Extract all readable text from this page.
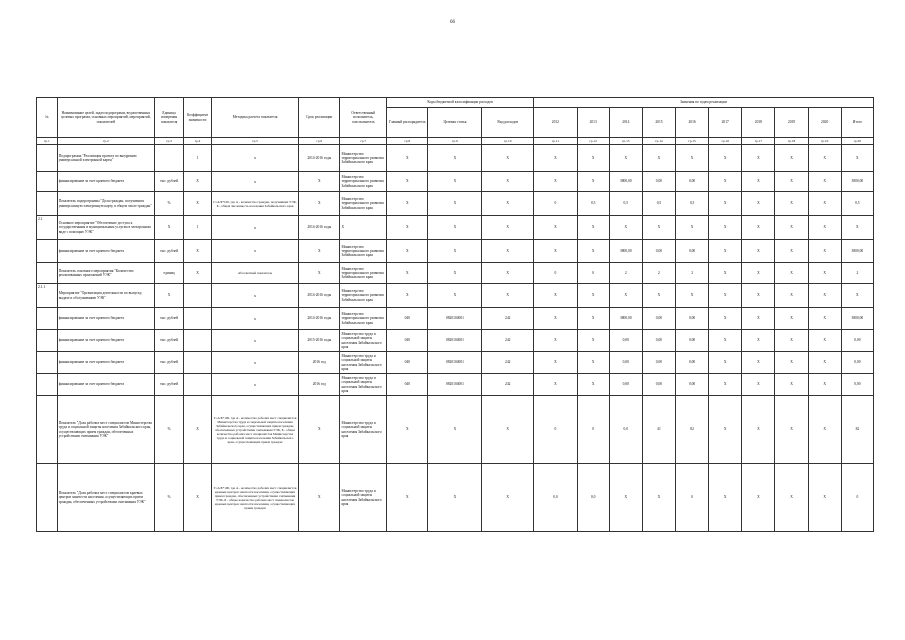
66
№	Наименование целей, задач подпрограмм, ведомственных целевых программ, основных мероприятий, мероприятий, показателей	Единица измерения показателя	Коэффициент значимости	Методика расчета показателя	Срок реализации	Ответственный исполнитель, соисполнитель	Коды бюджетной классификации расходов			Значения по годам реализации									
							Главный распорядитель	Целевая статья	Вид расходов	2012	2013	2014	2015	2016	2017	2018	2019	2020	Итого
гр.1	гр.2	гр.3	гр.4	гр.5	гр.6	гр.7	гр.8	гр.9	гр.10	гр.11	гр.12	гр.13	гр.14	гр.15	гр.16	гр.17	гр.18	гр.19	гр.20
	Подпрограмма "Реализация проекта по внедрению универсальной электронной карты"		1	Х	2014-2016 годы	Министерство территориального развития Забайкальского края	Х	Х	Х	Х	Х	Х	Х	Х	Х	Х	Х	Х	Х
	финансирование за счет краевого бюджета	тыс. рублей	Х	Х	Х	Министерство территориального развития Забайкальского края	Х	Х	Х	Х	Х	3800,00	0,00	0,00	Х	Х	Х	Х	3800,00
	Показатель подпрограммы "Доля граждан, получивших универсальную электронную карту, в общем числе граждан"	%	Х	Г=А/Б*100, где А - количество граждан, получивших УЭК, Б - общая численность населения Забайкальского края	Х	Министерство территориального развития Забайкальского края	Х	Х	Х	0	0,5	0,5	0,5	0,5	Х	Х	Х	Х	0,5
2.1	Основное мероприятие "Обеспечение доступа к государственным и муниципальным услугам в электронном виде с помощью УЭК"	Х	1	Х	2014-2016 годы	Х	Х	Х	Х	Х	Х	Х	Х	Х	Х	Х	Х	Х	Х
	финансирование за счет краевого бюджета	тыс. рублей	Х	Х	Х	Министерство территориального развития Забайкальского края	Х	Х	Х	Х	Х	3800,00	0,00	0,00	Х	Х	Х	Х	3800,00
	Показатель основного мероприятия "Количество реализованных приложений УЭК"	единиц	Х	Абсолютный показатель	Х	Министерство территориального развития Забайкальского края	Х	Х	Х	0	0	2	2	2	Х	Х	Х	Х	2
2.1.1	Мероприятие "Организация деятельности по выпуску, выдаче и обслуживанию УЭК"	Х		Х	2014-2016 годы	Министерство территориального развития Забайкальского края	Х	Х	Х	Х	Х	Х	Х	Х	Х	Х	Х	Х	Х
	финансирование за счет краевого бюджета	тыс. рублей		Х	2014-2016 годы	Министерство территориального развития Забайкальского края	040	0820104001	242	Х	Х	3800,00	0,00	0,00	Х	Х	Х	Х	3800,00
	финансирование за счет краевого бюджета	тыс. рублей		Х	2015-2016 годы	Министерство труда и социальной защиты населения Забайкальского края	040	0820104001	242	Х	Х	0,00	0,00	0,00	Х	Х	Х	Х	0,00
	финансирование за счет краевого бюджета	тыс. рублей		Х	2016 год	Министерство труда и социальной защиты населения Забайкальского края	040	0820104001	242	Х	Х	0,00	0,00	0,00	Х	Х	Х	Х	0,00
	финансирование за счет краевого бюджета	тыс. рублей		Х	2016 год	Министерство труда и социальной защиты населения Забайкальского края	040	0820104001	242	Х	Х	0,00	0,00	0,00	Х	Х	Х	Х	0,00
	Показатель "Доля рабочих мест специалистов Министерства труда и социальной защиты населения Забайкальского края, осуществляющих прием граждан, обеспеченных устройствами считывания УЭК"	%	Х	Г=А/Б*100, где А - количество рабочих мест специалистов Министерства труда и социальной защиты населения Забайкальского края, осуществляющих прием граждан, обеспеченных устройствами считывания УЭК, Б - общее количество рабочих мест специалистов Министерства труда и социальной защиты населения Забайкальского края, осуществляющих прием граждан	Х	Министерство труда и социальной защиты населения Забайкальского края	Х	Х	Х	0	0	0,0	41	82	Х	Х	Х	Х	82
	Показатель "Доля рабочих мест специалистов краевых центров занятости населения, осуществляющих прием граждан, обеспеченных устройствами считывания УЭК"	%	Х	Г=А/Б*100, где А - количество рабочих мест специалистов краевых центров занятости населения, осуществляющих прием граждан, обеспеченных устройствами считывания УЭК, Б - общее количество рабочих мест специалистов краевых центров занятости населения, осуществляющих прием граждан	Х	Министерство труда и социальной защиты населения Забайкальского края	Х	Х	Х	0,0	0,0	Х	Х	0	Х	Х	Х	Х	0
